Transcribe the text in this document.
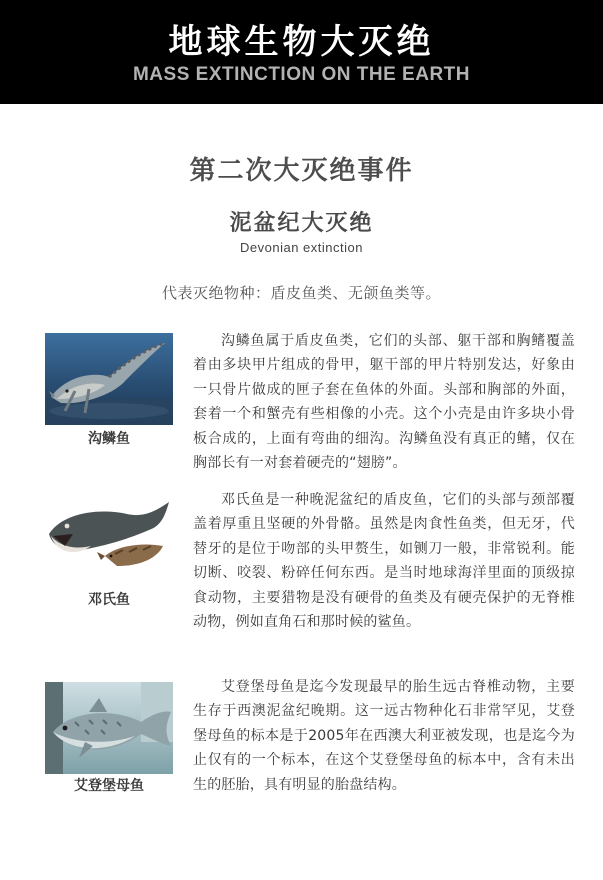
地球生物大灭绝
MASS EXTINCTION ON THE EARTH
第二次大灭绝事件
泥盆纪大灭绝
Devonian extinction
代表灭绝物种：盾皮鱼类、无颌鱼类等。
沟鳞鱼

沟鳞鱼属于盾皮鱼类，它们的头部、躯干部和胸鳍覆盖着由多块甲片组成的骨甲，躯干部的甲片特别发达，好象由一只骨片做成的匣子套在鱼体的外面。头部和胸部的外面，套着一个和蟹壳有些相像的小壳。这个小壳是由许多块小骨板合成的，上面有弯曲的细沟。沟鳞鱼没有真正的鳍，仅在胸部长有一对套着硬壳的“翅膀”。

邓氏鱼

邓氏鱼是一种晚泥盆纪的盾皮鱼，它们的头部与颈部覆盖着厚重且坚硬的外骨骼。虽然是肉食性鱼类，但无牙，代替牙的是位于吻部的头甲赘生，如铡刀一般，非常锐利。能切断、咬裂、粉碎任何东西。是当时地球海洋里面的顶级掠食动物，主要猎物是没有硬骨的鱼类及有硬壳保护的无脊椎动物，例如直角石和那时候的鲨鱼。

艾登堡母鱼

艾登堡母鱼是迄今发现最早的胎生远古脊椎动物，主要生存于西澳泥盆纪晚期。这一远古物种化石非常罕见，艾登堡母鱼的标本是于2005年在西澳大利亚被发现，也是迄今为止仅有的一个标本，在这个艾登堡母鱼的标本中，含有未出生的胚胎，具有明显的胎盘结构。
